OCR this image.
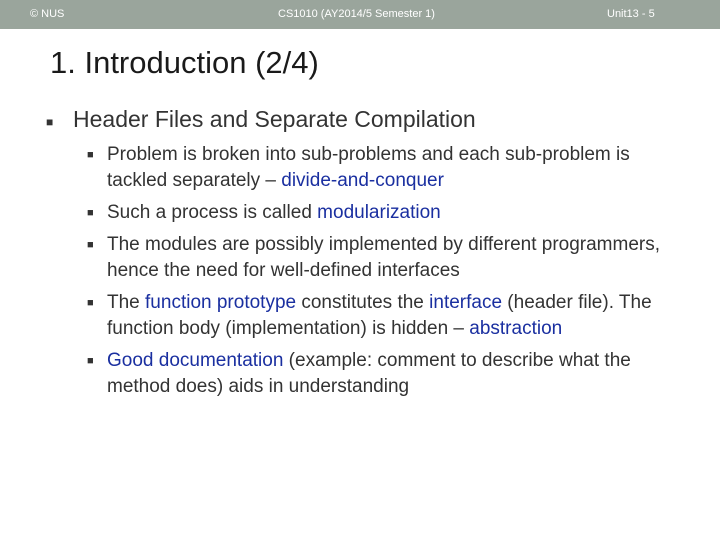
© NUS	CS1010 (AY2014/5 Semester 1)	Unit13 - 5
1. Introduction (2/4)
■ Header Files and Separate Compilation
■ Problem is broken into sub-problems and each sub-problem is tackled separately – divide-and-conquer
■ Such a process is called modularization
■ The modules are possibly implemented by different programmers, hence the need for well-defined interfaces
■ The function prototype constitutes the interface (header file). The function body (implementation) is hidden – abstraction
■ Good documentation (example: comment to describe what the method does) aids in understanding
